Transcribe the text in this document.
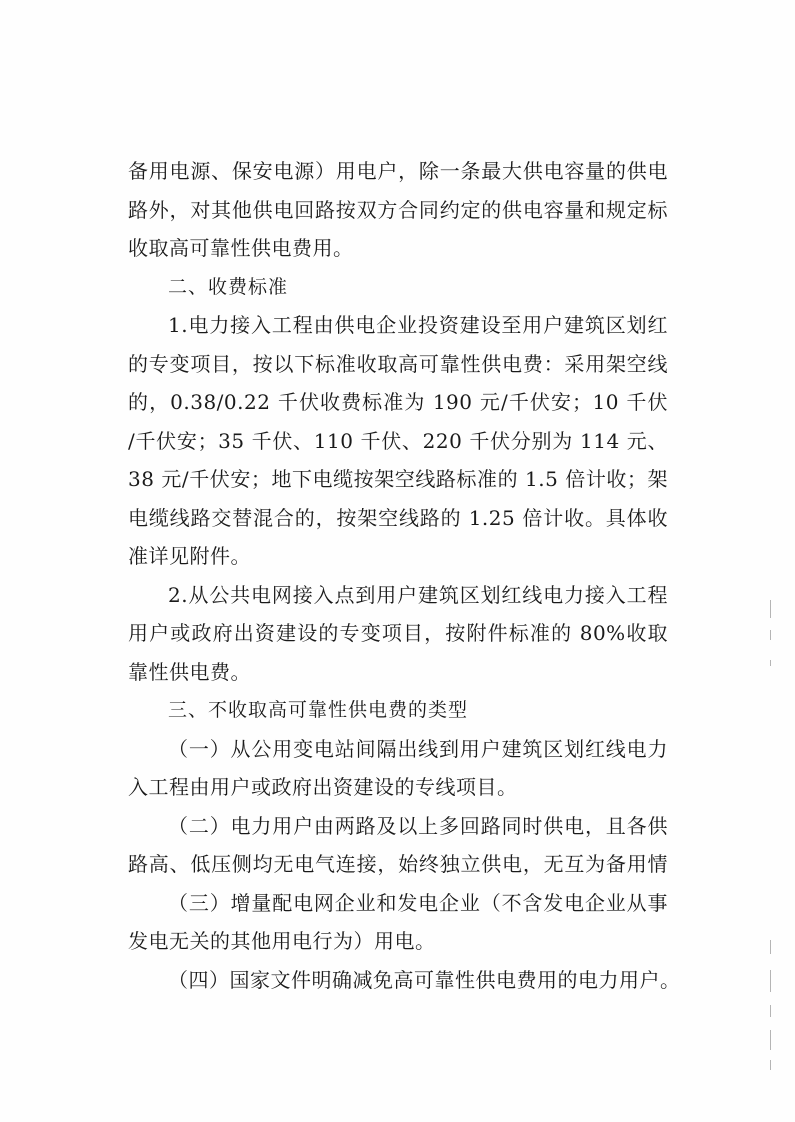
备用电源、保安电源）用电户，除一条最大供电容量的供电
路外，对其他供电回路按双方合同约定的供电容量和规定标
收取高可靠性供电费用。
二、收费标准
1.电力接入工程由供电企业投资建设至用户建筑区划红
的专变项目，按以下标准收取高可靠性供电费：采用架空线
的，0.38/0.22 千伏收费标准为 190 元/千伏安；10 千伏
/千伏安；35 千伏、110 千伏、220 千伏分别为 114 元、
38 元/千伏安；地下电缆按架空线路标准的 1.5 倍计收；架
电缆线路交替混合的，按架空线路的 1.25 倍计收。具体收
准详见附件。
2.从公共电网接入点到用户建筑区划红线电力接入工程
用户或政府出资建设的专变项目，按附件标准的 80%收取
靠性供电费。
三、不收取高可靠性供电费的类型
（一）从公用变电站间隔出线到用户建筑区划红线电力
入工程由用户或政府出资建设的专线项目。
（二）电力用户由两路及以上多回路同时供电，且各供
路高、低压侧均无电气连接，始终独立供电，无互为备用情
（三）增量配电网企业和发电企业（不含发电企业从事
发电无关的其他用电行为）用电。
（四）国家文件明确减免高可靠性供电费用的电力用户。
